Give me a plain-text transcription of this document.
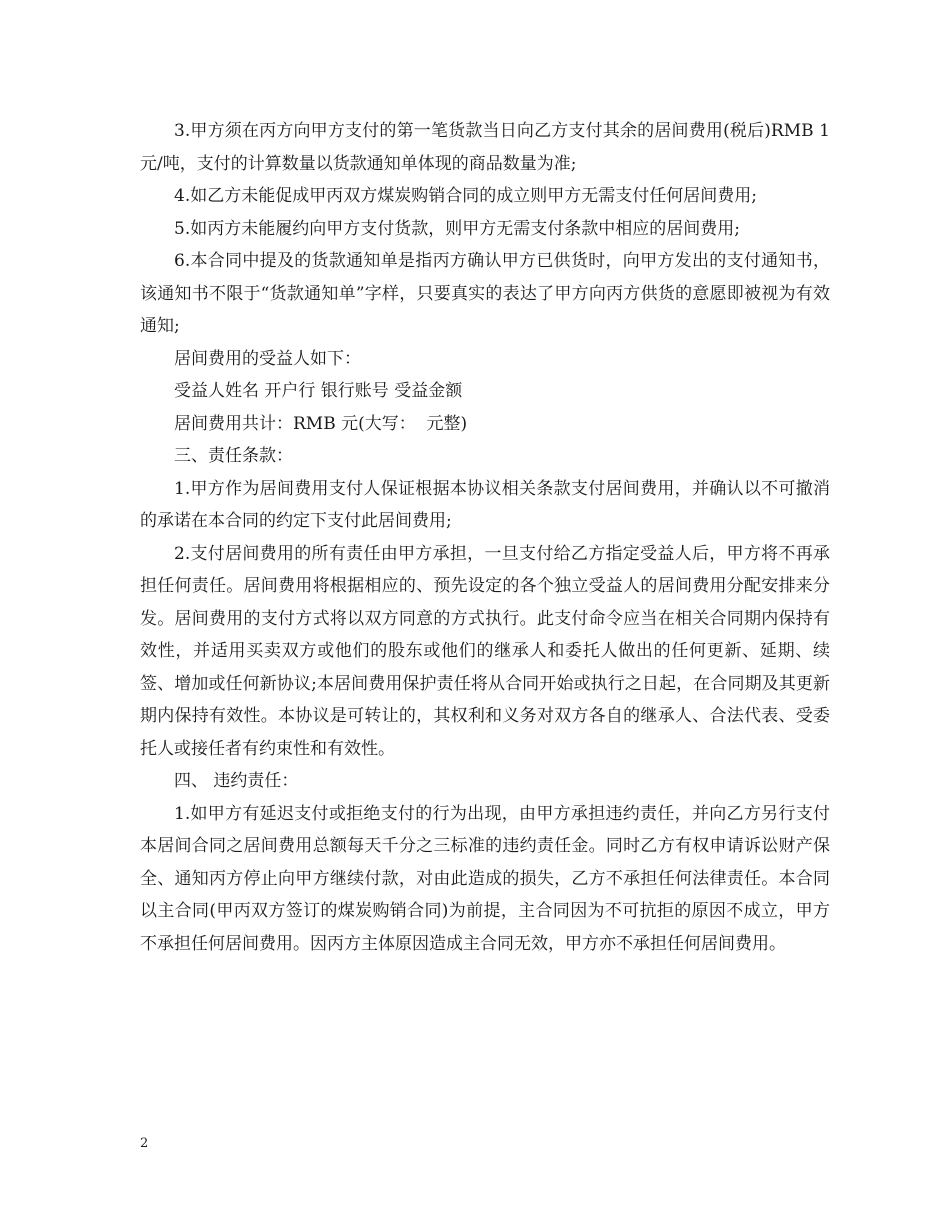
3.甲方须在丙方向甲方支付的第一笔货款当日向乙方支付其余的居间费用(税后)RMB 1 元/吨，支付的计算数量以货款通知单体现的商品数量为准;

4.如乙方未能促成甲丙双方煤炭购销合同的成立则甲方无需支付任何居间费用;

5.如丙方未能履约向甲方支付货款，则甲方无需支付条款中相应的居间费用;

6.本合同中提及的货款通知单是指丙方确认甲方已供货时，向甲方发出的支付通知书，该通知书不限于“货款通知单”字样，只要真实的表达了甲方向丙方供货的意愿即被视为有效通知;

居间费用的受益人如下：

受益人姓名 开户行 银行账号 受益金额

居间费用共计：RMB 元(大写：  元整)

三、责任条款：

1.甲方作为居间费用支付人保证根据本协议相关条款支付居间费用，并确认以不可撤消的承诺在本合同的约定下支付此居间费用;

2.支付居间费用的所有责任由甲方承担，一旦支付给乙方指定受益人后，甲方将不再承担任何责任。居间费用将根据相应的、预先设定的各个独立受益人的居间费用分配安排来分发。居间费用的支付方式将以双方同意的方式执行。此支付命令应当在相关合同期内保持有效性，并适用买卖双方或他们的股东或他们的继承人和委托人做出的任何更新、延期、续签、增加或任何新协议;本居间费用保护责任将从合同开始或执行之日起，在合同期及其更新期内保持有效性。本协议是可转让的，其权利和义务对双方各自的继承人、合法代表、受委托人或接任者有约束性和有效性。

四、 违约责任：

1.如甲方有延迟支付或拒绝支付的行为出现，由甲方承担违约责任，并向乙方另行支付本居间合同之居间费用总额每天千分之三标准的违约责任金。同时乙方有权申请诉讼财产保全、通知丙方停止向甲方继续付款，对由此造成的损失，乙方不承担任何法律责任。本合同以主合同(甲丙双方签订的煤炭购销合同)为前提，主合同因为不可抗拒的原因不成立，甲方不承担任何居间费用。因丙方主体原因造成主合同无效，甲方亦不承担任何居间费用。

2
